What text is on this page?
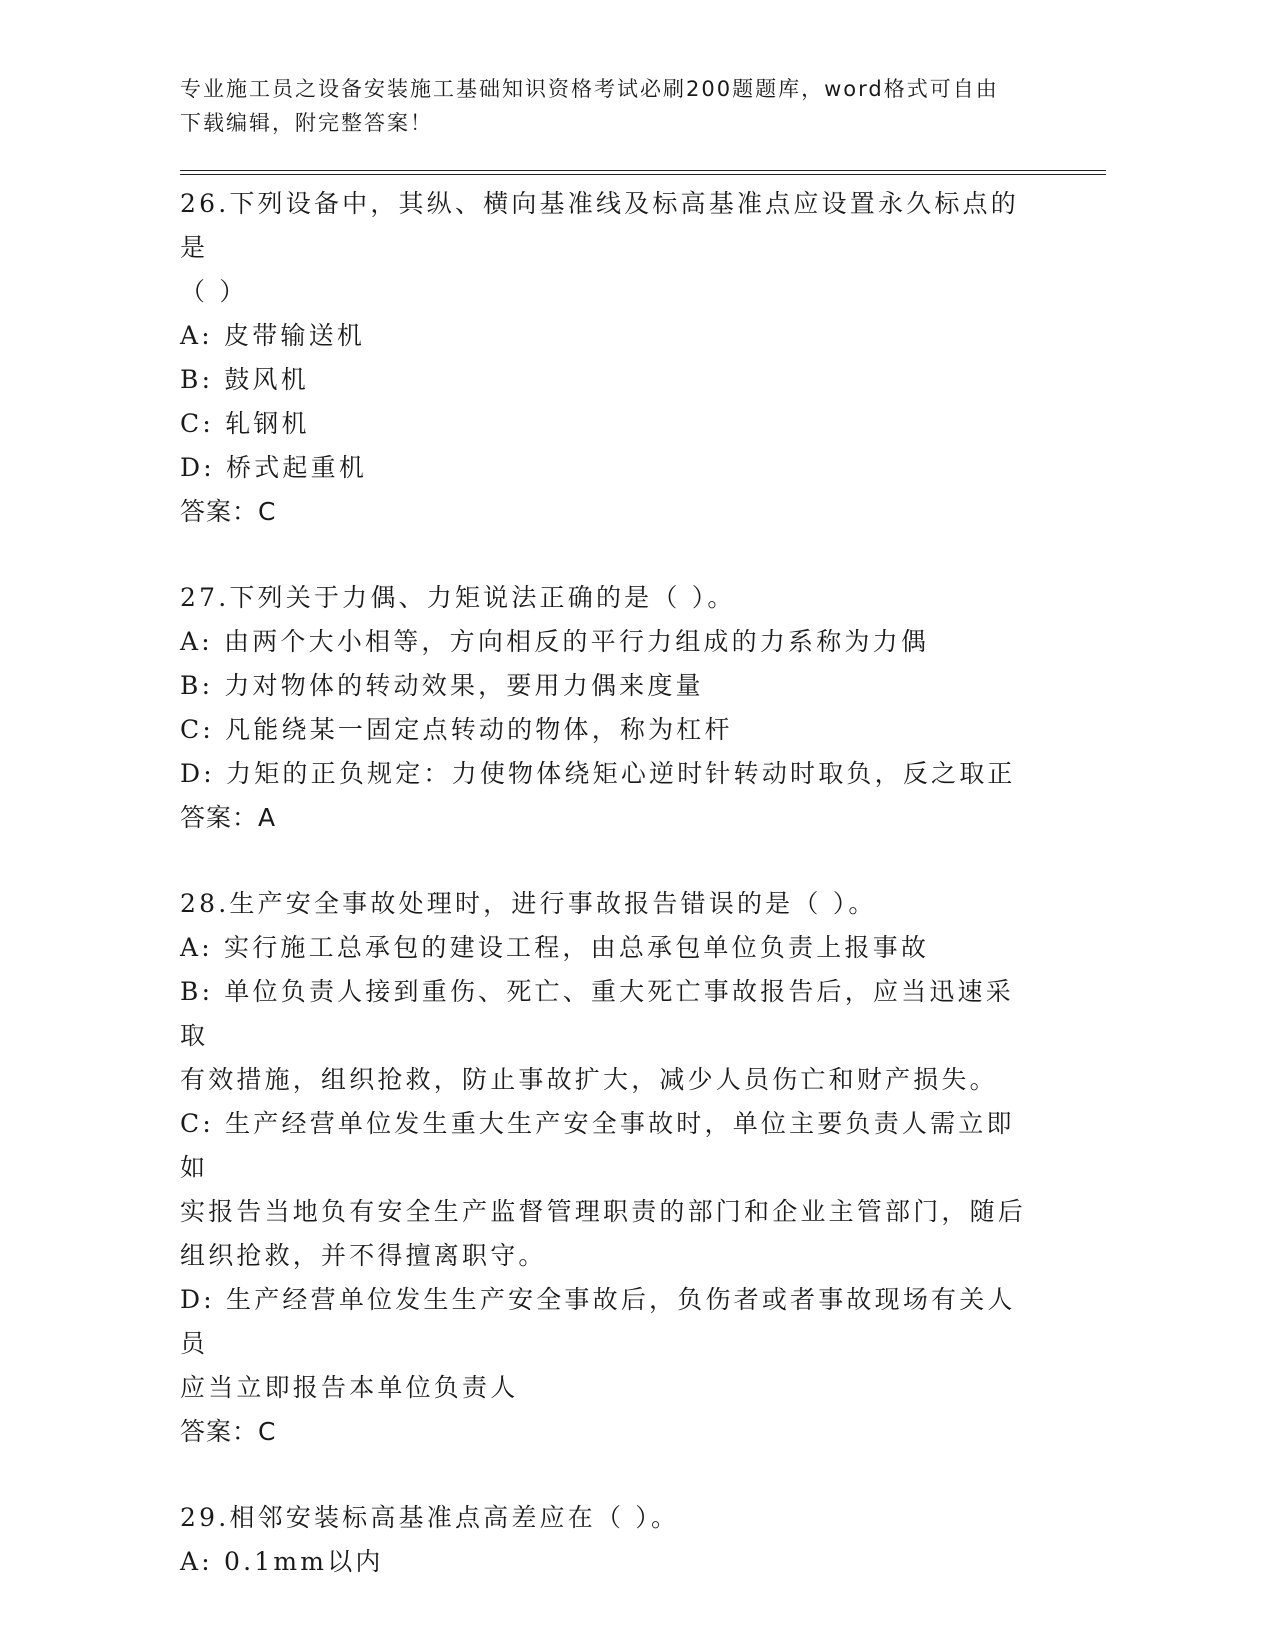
专业施工员之设备安装施工基础知识资格考试必刷200题题库，word格式可自由
下载编辑，附完整答案！
26.下列设备中，其纵、横向基准线及标高基准点应设置永久标点的是
（ ）
A: 皮带输送机
B: 鼓风机
C: 轧钢机
D: 桥式起重机
答案：C
27.下列关于力偶、力矩说法正确的是（ ）。
A: 由两个大小相等，方向相反的平行力组成的力系称为力偶
B: 力对物体的转动效果，要用力偶来度量
C: 凡能绕某一固定点转动的物体，称为杠杆
D: 力矩的正负规定：力使物体绕矩心逆时针转动时取负，反之取正
答案：A
28.生产安全事故处理时，进行事故报告错误的是（ ）。
A: 实行施工总承包的建设工程，由总承包单位负责上报事故
B: 单位负责人接到重伤、死亡、重大死亡事故报告后，应当迅速采取
有效措施，组织抢救，防止事故扩大，减少人员伤亡和财产损失。
C: 生产经营单位发生重大生产安全事故时，单位主要负责人需立即如
实报告当地负有安全生产监督管理职责的部门和企业主管部门，随后
组织抢救，并不得擅离职守。
D: 生产经营单位发生生产安全事故后，负伤者或者事故现场有关人员
应当立即报告本单位负责人
答案：C
29.相邻安装标高基准点高差应在（ ）。
A: 0.1mm以内
